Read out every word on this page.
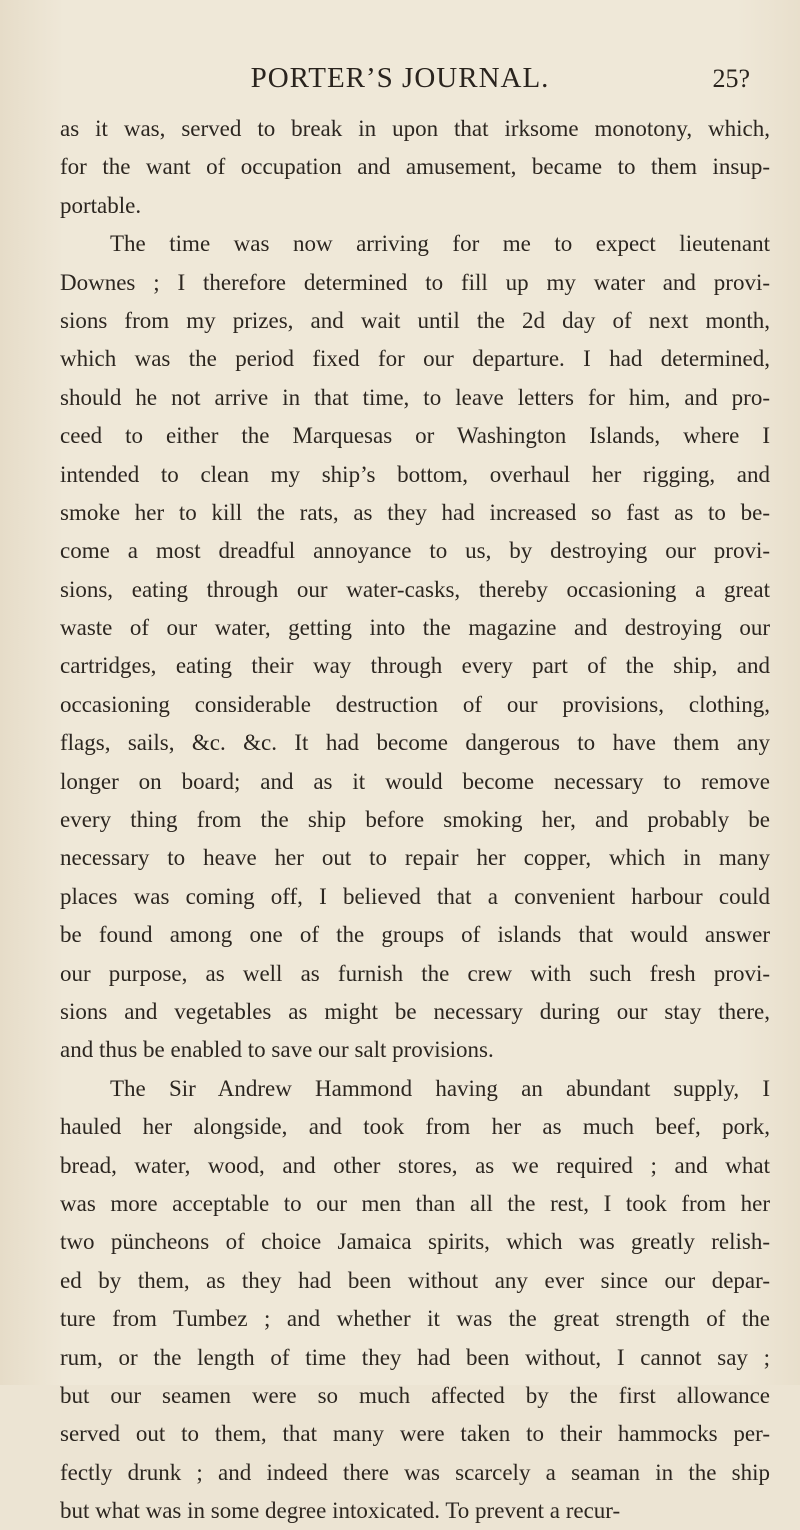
PORTER’S JOURNAL.	25?
as it was, served to break in upon that irksome monotony, which,
for the want of occupation and amusement, became to them insup-
portable.
The time was now arriving for me to expect lieutenant
Downes ; I therefore determined to fill up my water and provi-
sions from my prizes, and wait until the 2d day of next month,
which was the period fixed for our departure. I had determined,
should he not arrive in that time, to leave letters for him, and pro-
ceed to either the Marquesas or Washington Islands, where I
intended to clean my ship’s bottom, overhaul her rigging, and
smoke her to kill the rats, as they had increased so fast as to be-
come a most dreadful annoyance to us, by destroying our provi-
sions, eating through our water-casks, thereby occasioning a great
waste of our water, getting into the magazine and destroying our
cartridges, eating their way through every part of the ship, and
occasioning considerable destruction of our provisions, clothing,
flags, sails, &c. &c. It had become dangerous to have them any
longer on board; and as it would become necessary to remove
every thing from the ship before smoking her, and probably be
necessary to heave her out to repair her copper, which in many
places was coming off, I believed that a convenient harbour could
be found among one of the groups of islands that would answer
our purpose, as well as furnish the crew with such fresh provi-
sions and vegetables as might be necessary during our stay there,
and thus be enabled to save our salt provisions.
The Sir Andrew Hammond having an abundant supply, I
hauled her alongside, and took from her as much beef, pork,
bread, water, wood, and other stores, as we required ; and what
was more acceptable to our men than all the rest, I took from her
two püncheons of choice Jamaica spirits, which was greatly relish-
ed by them, as they had been without any ever since our depar-
ture from Tumbez ; and whether it was the great strength of the
rum, or the length of time they had been without, I cannot say ;
but our seamen were so much affected by the first allowance
served out to them, that many were taken to their hammocks per-
fectly drunk ; and indeed there was scarcely a seaman in the ship
but what was in some degree intoxicated. To prevent a recur-
